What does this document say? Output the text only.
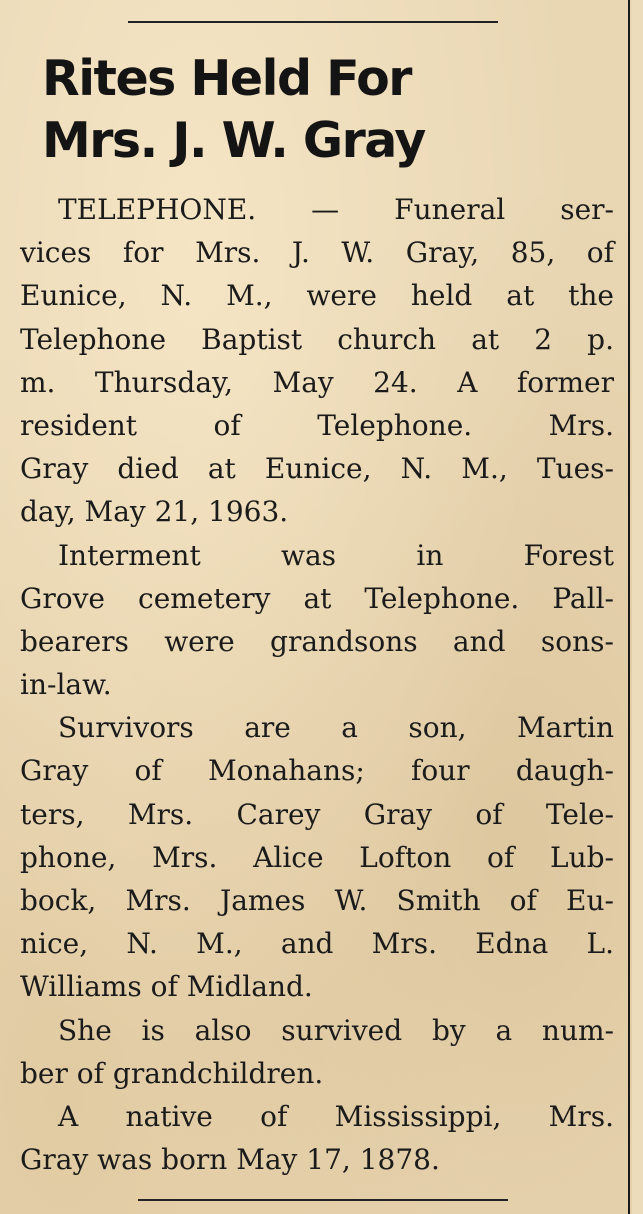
Rites Held For
Mrs. J. W. Gray
TELEPHONE. — Funeral ser-
vices for Mrs. J. W. Gray, 85, of
Eunice, N. M., were held at the
Telephone Baptist church at 2 p.
m. Thursday, May 24. A former
resident of Telephone. Mrs.
Gray died at Eunice, N. M., Tues-
day, May 21, 1963.
Interment was in Forest
Grove cemetery at Telephone. Pall-
bearers were grandsons and sons-
in-law.
Survivors are a son, Martin
Gray of Monahans; four daugh-
ters, Mrs. Carey Gray of Tele-
phone, Mrs. Alice Lofton of Lub-
bock, Mrs. James W. Smith of Eu-
nice, N. M., and Mrs. Edna L.
Williams of Midland.
She is also survived by a num-
ber of grandchildren.
A native of Mississippi, Mrs.
Gray was born May 17, 1878.
